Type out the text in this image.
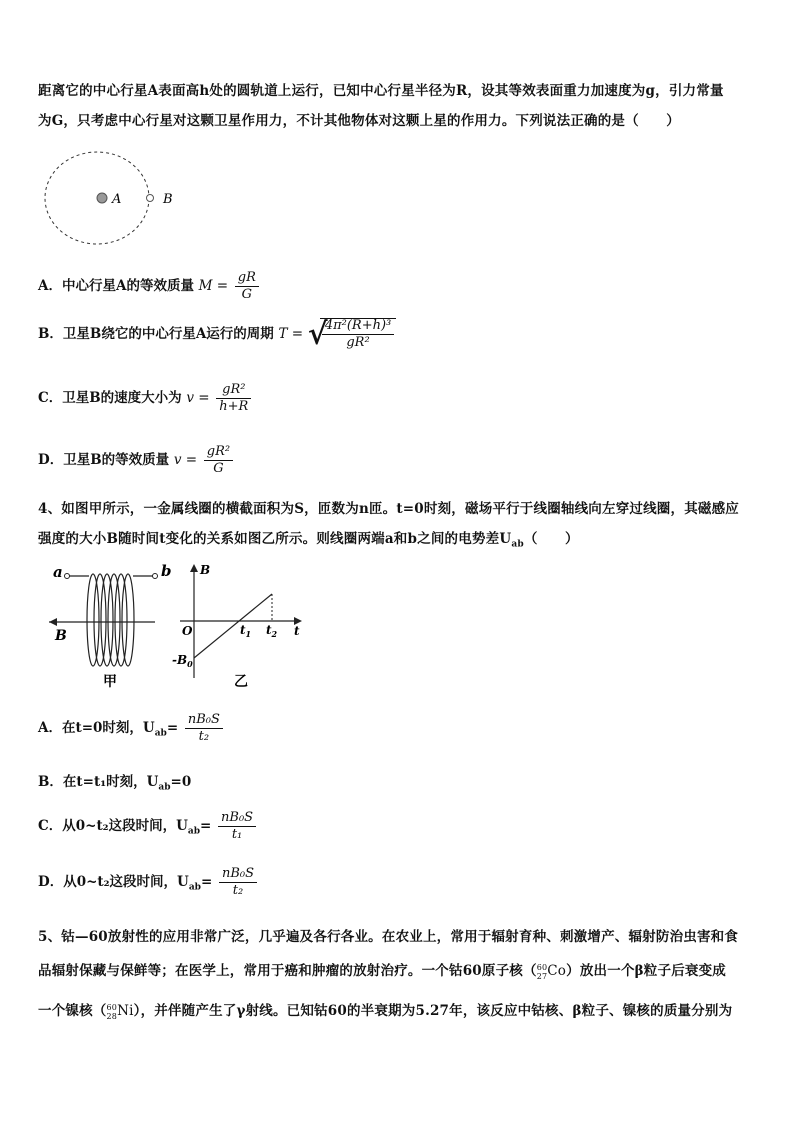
距离它的中心行星A表面高h处的圆轨道上运行，已知中心行星半径为R，设其等效表面重力加速度为g，引力常量
为G，只考虑中心行星对这颗卫星作用力，不计其他物体对这颗上星的作用力。下列说法正确的是（　　）
A	B
A．中心行星A的等效质量 $M = \frac{gR}{G}$
B．卫星B绕它的中心行星A运行的周期 T = √
$\frac{\text{4π²(R+h)³}}{\text{gR²}}$
C．卫星B的速度大小为 $v = \frac{\text{gR²}}{h+R}$
D．卫星B的等效质量 $v = \frac{\text{gR²}}{G}$
4、如图甲所示，一金属线圈的横截面积为S，匝数为n匝。t=0时刻，磁场平行于线圈轴线向左穿过线圈，其磁感应
强度的大小B随时间t变化的关系如图乙所示。则线圈两端a和b之间的电势差$U_{ab}$（　　）
a	b
B
甲
B
t
O	$t_1$ $t_2$
$-B_0$
乙
A．在t=0时刻，$U_{ab}= \frac{\text{nB₀S}}{\text{t₂}}$
B．在t=t₁时刻，$U_{ab}=0$
C．从0~t₂这段时间，$U_{ab}= \frac{\text{nB₀S}}{\text{t₁}}$
D．从0~t₂这段时间，$U_{ab}= \frac{\text{nB₀S}}{\text{t₂}}$
5、钴—60放射性的应用非常广泛，几乎遍及各行各业。在农业上，常用于辐射育种、刺激增产、辐射防治虫害和食
品辐射保藏与保鲜等；在医学上，常用于癌和肿瘤的放射治疗。一个钴60原子核（ 60
27 Co）放出一个β粒子后衰变成
一个镍核（ 60
28 Ni），并伴随产生了γ射线。已知钴60的半衰期为5.27年，该反应中钴核、β粒子、镍核的质量分别为
